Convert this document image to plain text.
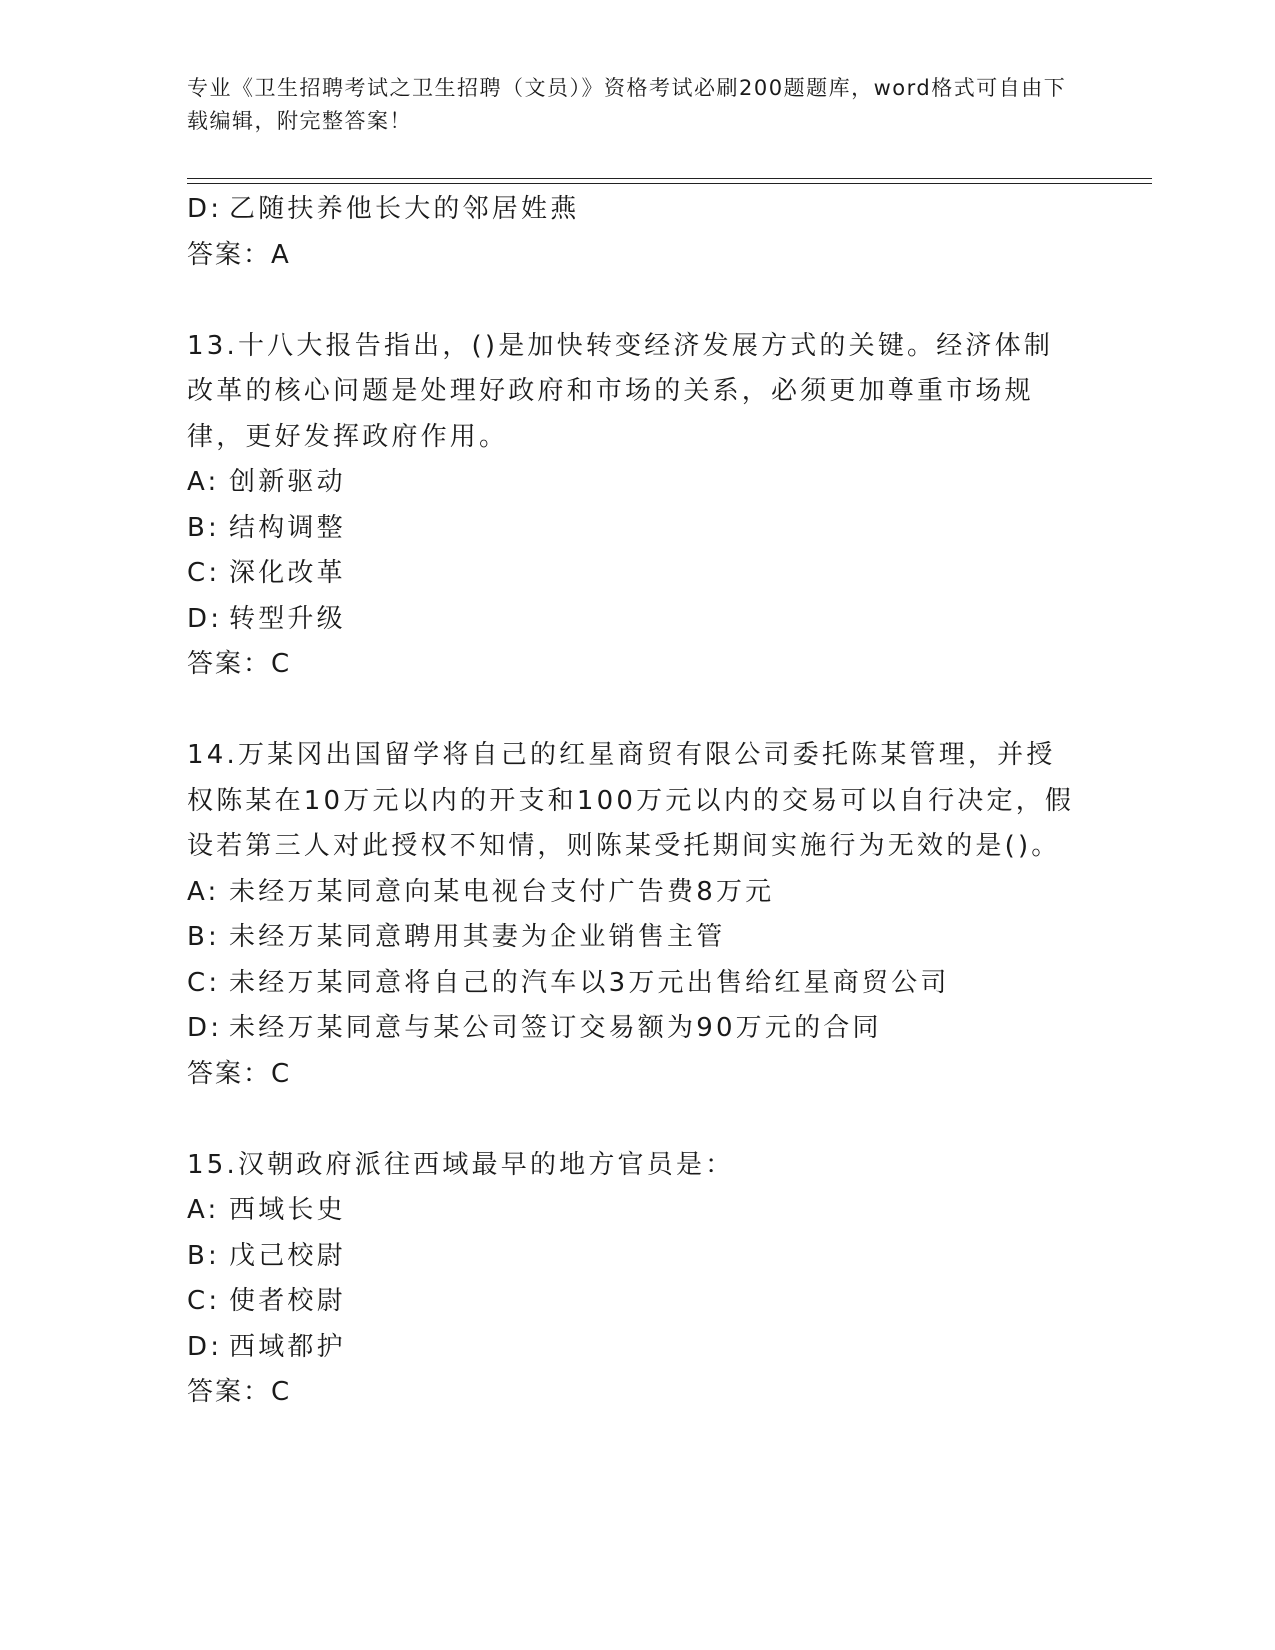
专业《卫生招聘考试之卫生招聘（文员）》资格考试必刷200题题库，word格式可自由下载编辑，附完整答案！
D: 乙随扶养他长大的邻居姓燕
答案：A
13.十八大报告指出，()是加快转变经济发展方式的关键。经济体制改革的核心问题是处理好政府和市场的关系，必须更加尊重市场规律，更好发挥政府作用。
A: 创新驱动
B: 结构调整
C: 深化改革
D: 转型升级
答案：C
14.万某冈出国留学将自己的红星商贸有限公司委托陈某管理，并授权陈某在10万元以内的开支和100万元以内的交易可以自行决定，假设若第三人对此授权不知情，则陈某受托期间实施行为无效的是()。
A: 未经万某同意向某电视台支付广告费8万元
B: 未经万某同意聘用其妻为企业销售主管
C: 未经万某同意将自己的汽车以3万元出售给红星商贸公司
D: 未经万某同意与某公司签订交易额为90万元的合同
答案：C
15.汉朝政府派往西域最早的地方官员是：
A: 西域长史
B: 戊己校尉
C: 使者校尉
D: 西域都护
答案：C
